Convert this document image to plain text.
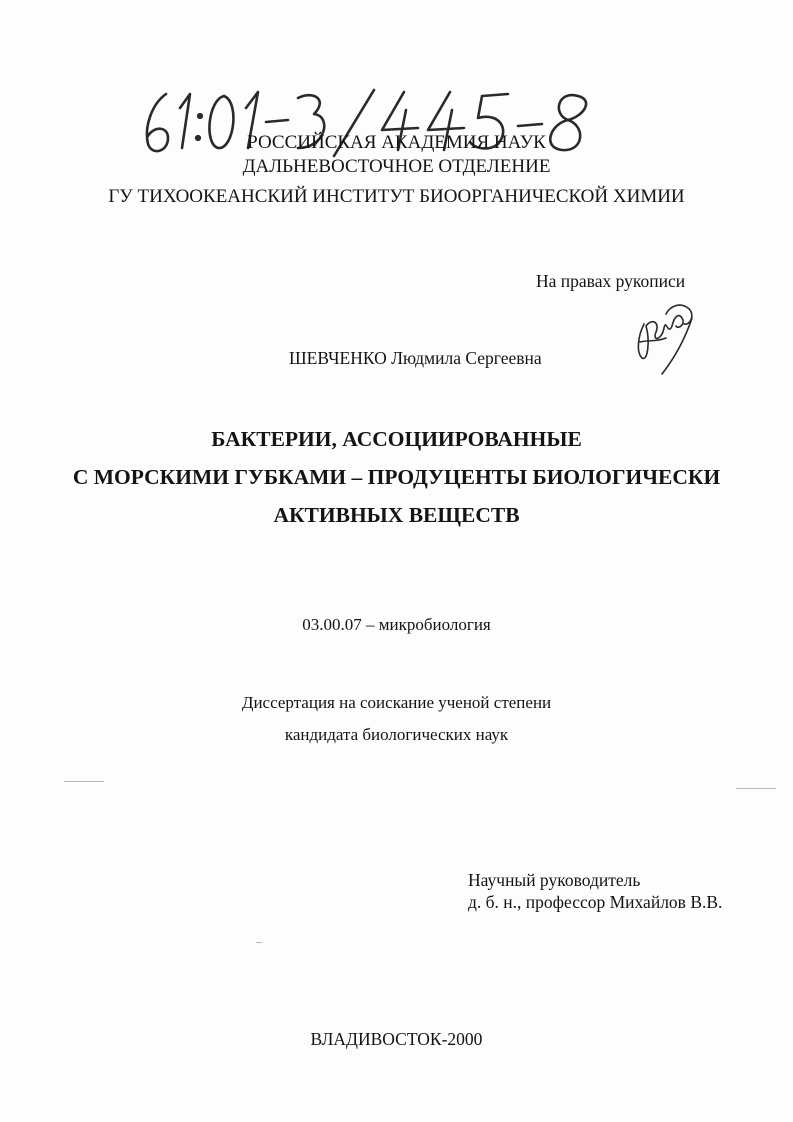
РОССИЙСКАЯ АКАДЕМИЯ НАУК
ДАЛЬНЕВОСТОЧНОЕ ОТДЕЛЕНИЕ
ГУ ТИХООКЕАНСКИЙ ИНСТИТУТ БИООРГАНИЧЕСКОЙ ХИМИИ
На правах рукописи
ШЕВЧЕНКО Людмила Сергеевна
БАКТЕРИИ, АССОЦИИРОВАННЫЕ
С МОРСКИМИ ГУБКАМИ – ПРОДУЦЕНТЫ БИОЛОГИЧЕСКИ
АКТИВНЫХ ВЕЩЕСТВ
03.00.07 – микробиология
Диссертация на соискание ученой степени
кандидата биологических наук
Научный руководитель
д. б. н., профессор Михайлов В.В.
ВЛАДИВОСТОК-2000
